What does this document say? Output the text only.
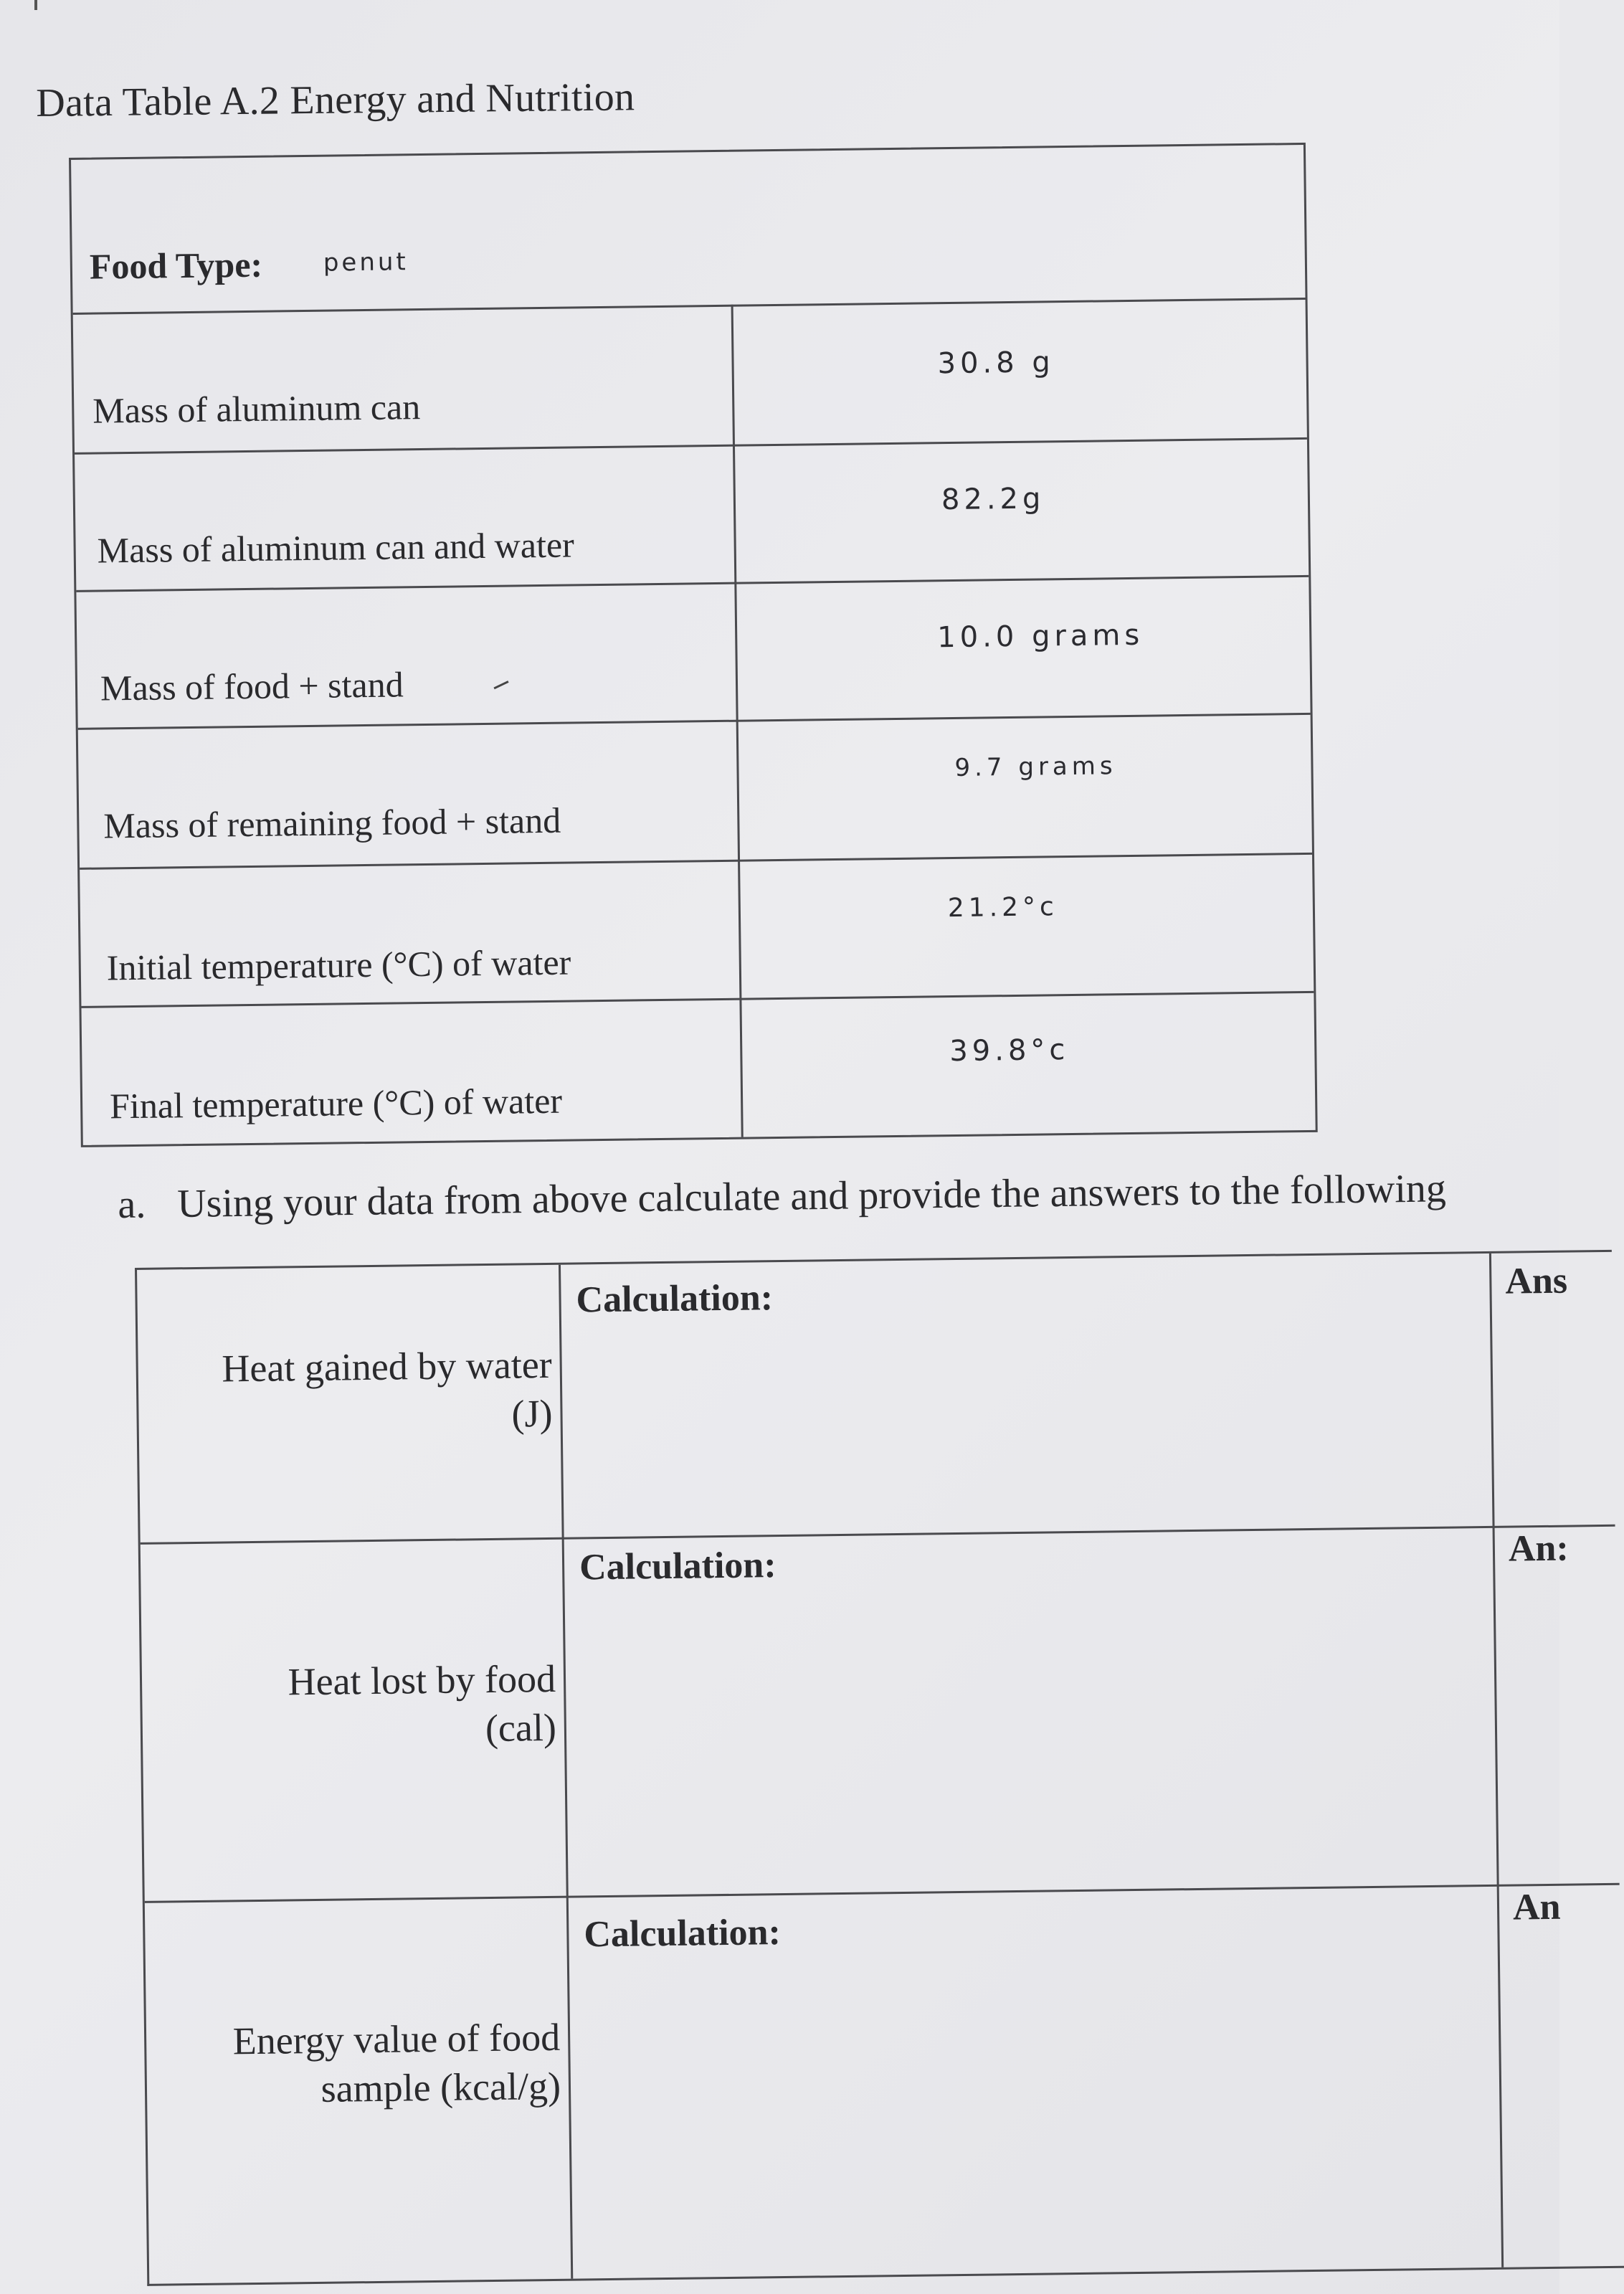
Data Table A.2 Energy and Nutrition
Food Type: penut
Mass of aluminum can
30.8 g
Mass of aluminum can and water
82.2g
Mass of food + stand
10.0 grams
Mass of remaining food + stand
9.7 grams
Initial temperature (°C) of water
21.2°c
Final temperature (°C) of water
39.8°c
a. Using your data from above calculate and provide the answers to the following
Heat gained by water
(J)
Calculation:	Ans
Heat lost by food
(cal)
Calculation:	An:
Energy value of food
sample (kcal/g)
Calculation:
An
